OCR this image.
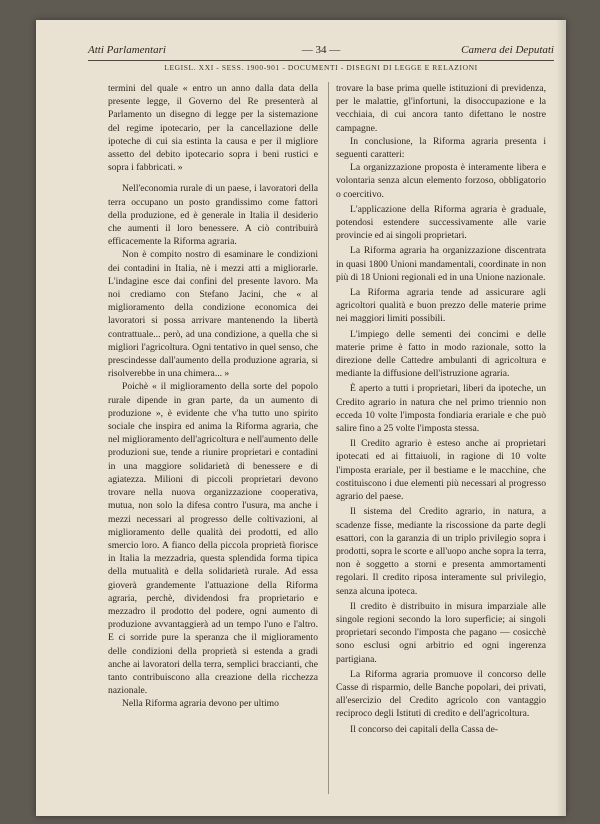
Atti Parlamentari	— 34 —	Camera dei Deputati
LEGISL. XXI - SESS. 1900-901 - DOCUMENTI - DISEGNI DI LEGGE E RELAZIONI

termini del quale « entro un anno dalla data della presente legge, il Governo del Re presenterà al Parlamento un disegno di legge per la sistemazione del regime ipotecario, per la cancellazione delle ipoteche di cui sia estinta la causa e per il migliore assetto del debito ipotecario sopra i beni rustici e sopra i fabbricati. »

Nell'economia rurale di un paese, i lavoratori della terra occupano un posto grandissimo come fattori della produzione, ed è generale in Italia il desiderio che aumenti il loro benessere. A ciò contribuirà efficacemente la Riforma agraria.

Non è compito nostro di esaminare le condizioni dei contadini in Italia, nè i mezzi atti a migliorarle. L'indagine esce dai confini del presente lavoro. Ma noi crediamo con Stefano Jacini, che « al miglioramento della condizione economica dei lavoratori si possa arrivare mantenendo la libertà contrattuale... però, ad una condizione, a quella che si migliori l'agricoltura. Ogni tentativo in quel senso, che prescindesse dall'aumento della produzione agraria, si risolverebbe in una chimera... »

Poichè « il miglioramento della sorte del popolo rurale dipende in gran parte, da un aumento di produzione », è evidente che v'ha tutto uno spirito sociale che inspira ed anima la Riforma agraria, che nel miglioramento dell'agricoltura e nell'aumento delle produzioni sue, tende a riunire proprietari e contadini in una maggiore solidarietà di benessere e di agiatezza. Milioni di piccoli proprietari devono trovare nella nuova organizzazione cooperativa, mutua, non solo la difesa contro l'usura, ma anche i mezzi necessari al progresso delle coltivazioni, al miglioramento delle qualità dei prodotti, ed allo smercio loro. A fianco della piccola proprietà fiorisce in Italia la mezzadria, questa splendida forma tipica della mutualità e della solidarietà rurale. Ad essa gioverà grandemente l'attuazione della Riforma agraria, perchè, dividendosi fra proprietario e mezzadro il prodotto del podere, ogni aumento di produzione avvantaggierà ad un tempo l'uno e l'altro. E ci sorride pure la speranza che il miglioramento delle condizioni della proprietà si estenda a gradi anche ai lavoratori della terra, semplici braccianti, che tanto contribuiscono alla creazione della ricchezza nazionale.

Nella Riforma agraria devono per ultimo

trovare la base prima quelle istituzioni di previdenza, per le malattie, gl'infortuni, la disoccupazione e la vecchiaia, di cui ancora tanto difettano le nostre campagne.

In conclusione, la Riforma agraria presenta i seguenti caratteri:

La organizzazione proposta è interamente libera e volontaria senza alcun elemento forzoso, obbligatorio o coercitivo.

L'applicazione della Riforma agraria è graduale, potendosi estendere successivamente alle varie provincie ed ai singoli proprietari.

La Riforma agraria ha organizzazione discentrata in quasi 1800 Unioni mandamentali, coordinate in non più di 18 Unioni regionali ed in una Unione nazionale.

La Riforma agraria tende ad assicurare agli agricoltori qualità e buon prezzo delle materie prime nei maggiori limiti possibili.

L'impiego delle sementi dei concimi e delle materie prime è fatto in modo razionale, sotto la direzione delle Cattedre ambulanti di agricoltura e mediante la diffusione dell'istruzione agraria.

È aperto a tutti i proprietari, liberi da ipoteche, un Credito agrario in natura che nel primo triennio non ecceda 10 volte l'imposta fondiaria erariale e che può salire fino a 25 volte l'imposta stessa.

Il Credito agrario è esteso anche ai proprietari ipotecati ed ai fittaiuoli, in ragione di 10 volte l'imposta erariale, per il bestiame e le macchine, che costituiscono i due elementi più necessari al progresso agrario del paese.

Il sistema del Credito agrario, in natura, a scadenze fisse, mediante la riscossione da parte degli esattori, con la garanzia di un triplo privilegio sopra i prodotti, sopra le scorte e all'uopo anche sopra la terra, non è soggetto a storni e presenta ammortamenti regolari. Il credito riposa interamente sul privilegio, senza alcuna ipoteca.

Il credito è distribuito in misura imparziale alle singole regioni secondo la loro superficie; ai singoli proprietari secondo l'imposta che pagano — cosicchè sono esclusi ogni arbitrio ed ogni ingerenza partigiana.

La Riforma agraria promuove il concorso delle Casse di risparmio, delle Banche popolari, dei privati, all'esercizio del Credito agricolo con vantaggio reciproco degli Istituti di credito e dell'agricoltura.

Il concorso dei capitali della Cassa de-
